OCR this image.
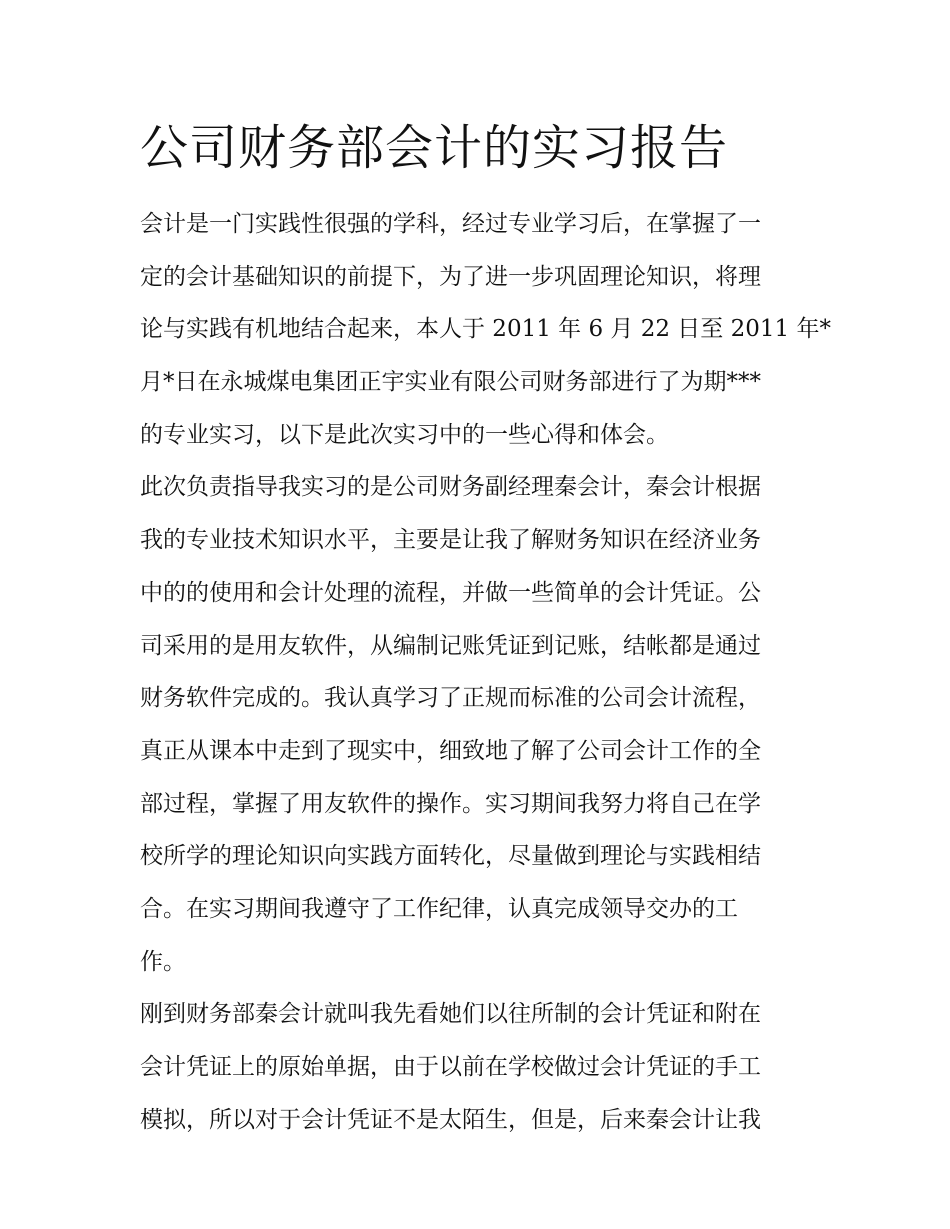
公司财务部会计的实习报告

会计是一门实践性很强的学科，经过专业学习后，在掌握了一
定的会计基础知识的前提下，为了进一步巩固理论知识，将理
论与实践有机地结合起来，本人于 2011 年 6 月 22 日至 2011 年*
月*日在永城煤电集团正宇实业有限公司财务部进行了为期***
的专业实习，以下是此次实习中的一些心得和体会。

此次负责指导我实习的是公司财务副经理秦会计，秦会计根据
我的专业技术知识水平，主要是让我了解财务知识在经济业务
中的的使用和会计处理的流程，并做一些简单的会计凭证。公
司采用的是用友软件，从编制记账凭证到记账，结帐都是通过
财务软件完成的。我认真学习了正规而标准的公司会计流程，
真正从课本中走到了现实中，细致地了解了公司会计工作的全
部过程，掌握了用友软件的操作。实习期间我努力将自己在学
校所学的理论知识向实践方面转化，尽量做到理论与实践相结
合。在实习期间我遵守了工作纪律，认真完成领导交办的工
作。

刚到财务部秦会计就叫我先看她们以往所制的会计凭证和附在
会计凭证上的原始单据，由于以前在学校做过会计凭证的手工
模拟，所以对于会计凭证不是太陌生，但是，后来秦会计让我
